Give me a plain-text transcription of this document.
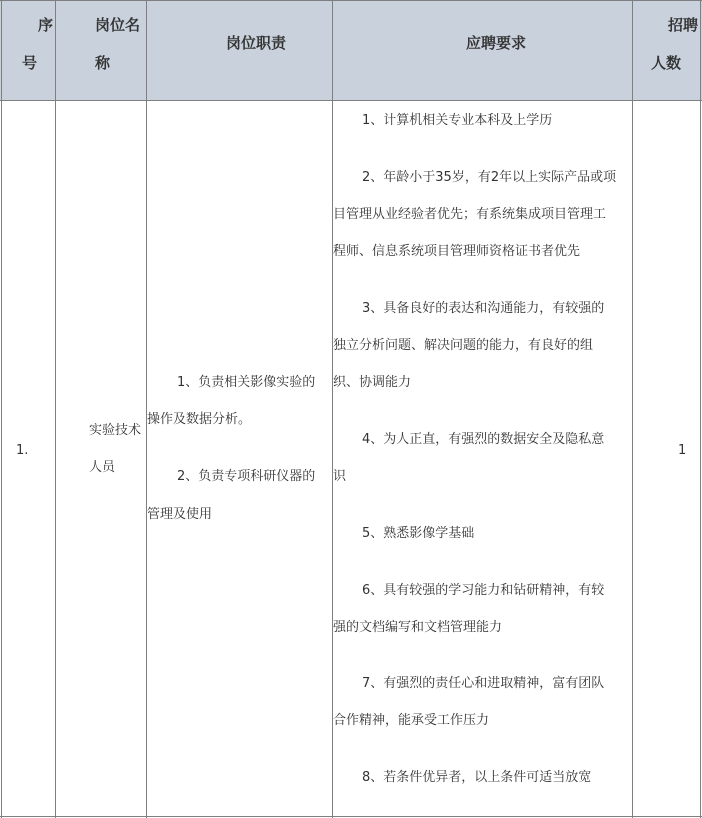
序
号
岗位名
称
岗位职责	应聘要求
招聘
人数
1.
实验技术
人员
1、负责相关影像实验的
操作及数据分析。
2、负责专项科研仪器的
管理及使用
1、计算机相关专业本科及上学历
2、年龄小于35岁，有2年以上实际产品或项
目管理从业经验者优先；有系统集成项目管理工
程师、信息系统项目管理师资格证书者优先
3、具备良好的表达和沟通能力，有较强的
独立分析问题、解决问题的能力，有良好的组
织、协调能力
4、为人正直，有强烈的数据安全及隐私意
识
5、熟悉影像学基础
6、具有较强的学习能力和钻研精神，有较
强的文档编写和文档管理能力
7、有强烈的责任心和进取精神，富有团队
合作精神，能承受工作压力
8、若条件优异者，以上条件可适当放宽
1
